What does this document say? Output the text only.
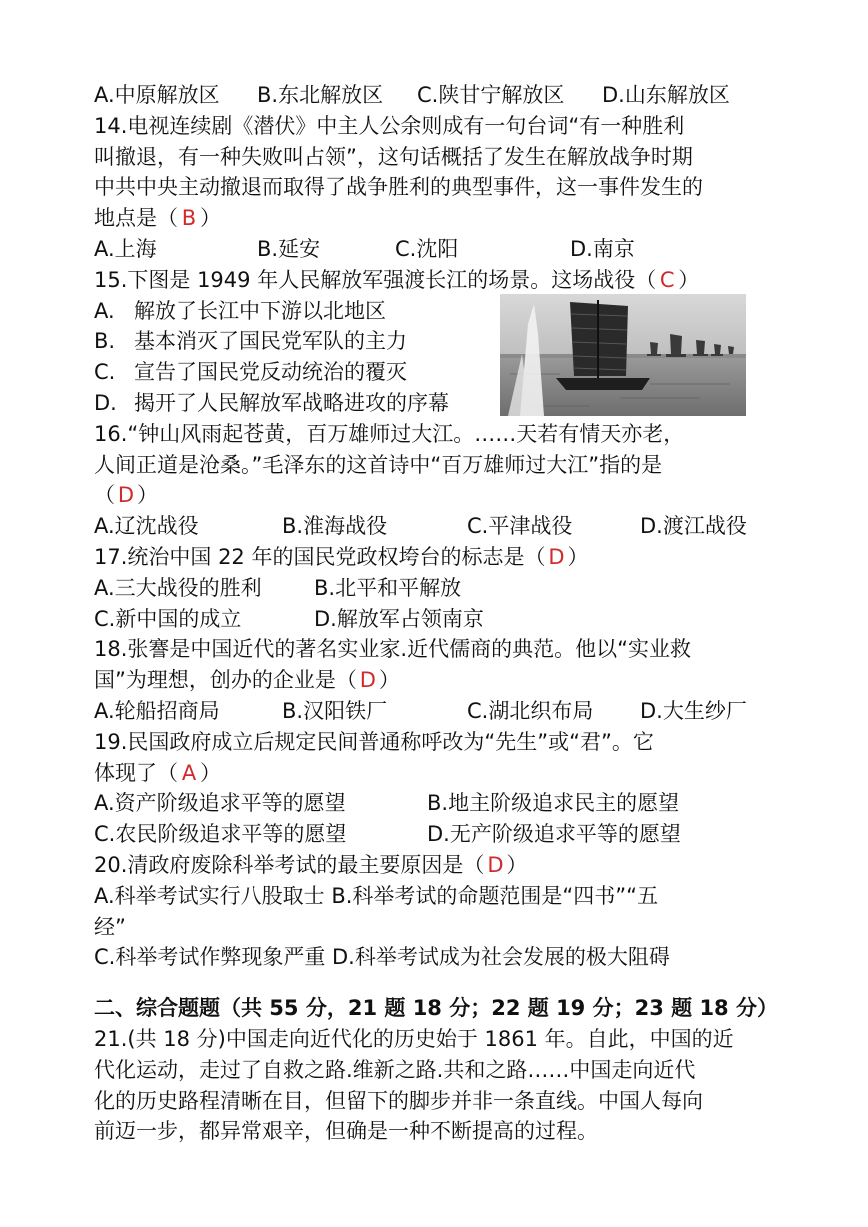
A.中原解放区	B.东北解放区	C.陕甘宁解放区	D.山东解放区
14.电视连续剧《潜伏》中主人公余则成有一句台词“有一种胜利
叫撤退，有一种失败叫占领”，这句话概括了发生在解放战争时期
中共中央主动撤退而取得了战争胜利的典型事件，这一事件发生的
地点是（ B ）
A.上海	B.延安	C.沈阳	D.南京
15.下图是 1949 年人民解放军强渡长江的场景。这场战役（ C ）
A. 解放了长江中下游以北地区
B. 基本消灭了国民党军队的主力
C. 宣告了国民党反动统治的覆灭
D. 揭开了人民解放军战略进攻的序幕
16.“钟山风雨起苍黄，百万雄师过大江。……天若有情天亦老，
人间正道是沧桑。”毛泽东的这首诗中“百万雄师过大江”指的是
（ D ）
A.辽沈战役	B.淮海战役	C.平津战役	D.渡江战役
17.统治中国 22 年的国民党政权垮台的标志是（ D ）
A.三大战役的胜利	B.北平和平解放
C.新中国的成立	D.解放军占领南京
18.张謇是中国近代的著名实业家.近代儒商的典范。他以“实业救
国”为理想，创办的企业是（ D ）
A.轮船招商局	B.汉阳铁厂	C.湖北织布局	D.大生纱厂
19.民国政府成立后规定民间普通称呼改为“先生”或“君”。它
体现了（ A ）
A.资产阶级追求平等的愿望	B.地主阶级追求民主的愿望
C.农民阶级追求平等的愿望	D.无产阶级追求平等的愿望
20.清政府废除科举考试的最主要原因是（ D ）
A.科举考试实行八股取士 B.科举考试的命题范围是“四书”“五
经”
C.科举考试作弊现象严重 D.科举考试成为社会发展的极大阻碍
二、综合题题（共 55 分，21 题 18 分；22 题 19 分；23 题 18 分）
21.(共 18 分)中国走向近代化的历史始于 1861 年。自此，中国的近
代化运动，走过了自救之路.维新之路.共和之路……中国走向近代
化的历史路程清晰在目，但留下的脚步并非一条直线。中国人每向
前迈一步，都异常艰辛，但确是一种不断提高的过程。
